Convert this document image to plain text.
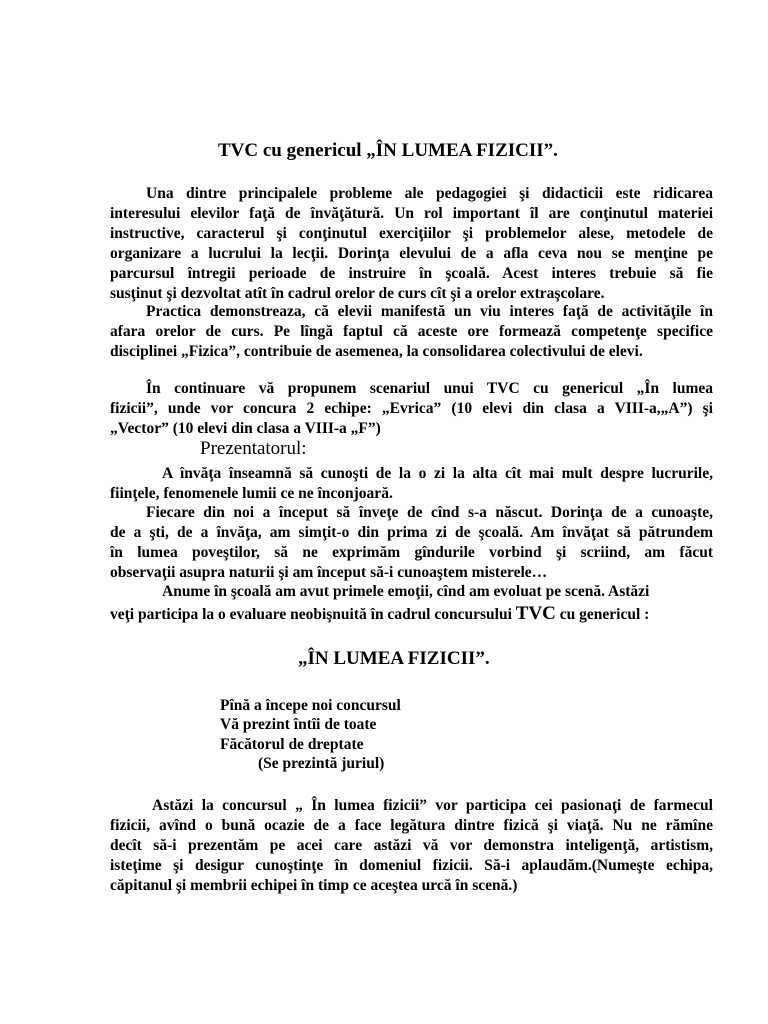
TVC cu genericul „ÎN LUMEA FIZICII”.
Una dintre principalele probleme ale pedagogiei şi didacticii este ridicarea
interesului elevilor faţă de învăţătură. Un rol important îl are conţinutul materiei
instructive, caracterul şi conţinutul exerciţiilor şi problemelor alese, metodele de
organizare a lucrului la lecţii. Dorinţa elevului de a afla ceva nou se menţine pe
parcursul întregii perioade de instruire în şcoală. Acest interes trebuie să fie
susţinut şi dezvoltat atît în cadrul orelor de curs cît şi a orelor extraşcolare.
Practica demonstreaza, că elevii manifestă un viu interes faţă de activităţile în
afara orelor de curs. Pe lîngă faptul că aceste ore formează competenţe specifice
disciplinei „Fizica”, contribuie de asemenea, la consolidarea colectivului de elevi.
În continuare vă propunem scenariul unui TVC cu genericul „În lumea
fizicii”, unde vor concura 2 echipe: „Evrica” (10 elevi din clasa a VIII-a,„A”) şi
„Vector” (10 elevi din clasa a VIII-a „F”)
Prezentatorul:
A învăţa înseamnă să cunoşti de la o zi la alta cît mai mult despre lucrurile,
fiinţele, fenomenele lumii ce ne înconjoară.
Fiecare din noi a început să înveţe de cînd s-a născut. Dorinţa de a cunoaşte,
de a şti, de a învăţa, am simţit-o din prima zi de şcoală. Am învăţat să pătrundem
în lumea poveştilor, să ne exprimăm gîndurile vorbind şi scriind, am făcut
observaţii asupra naturii şi am început să-i cunoaştem misterele…
Anume în şcoală am avut primele emoţii, cînd am evoluat pe scenă. Astăzi
veţi participa la o evaluare neobişnuită în cadrul concursului TVC cu genericul :
„ÎN LUMEA FIZICII”.
Pînă a începe noi concursul
Vă prezint întîi de toate
Făcătorul de dreptate
(Se prezintă juriul)
Astăzi la concursul „ În lumea fizicii” vor participa cei pasionaţi de farmecul
fizicii, avînd o bună ocazie de a face legătura dintre fizică şi viaţă. Nu ne rămîne
decît să-i prezentăm pe acei care astăzi vă vor demonstra inteligenţă, artistism,
isteţime şi desigur cunoştinţe în domeniul fizicii. Să-i aplaudăm.(Numeşte echipa,
căpitanul şi membrii echipei în timp ce aceştea urcă în scenă.)
